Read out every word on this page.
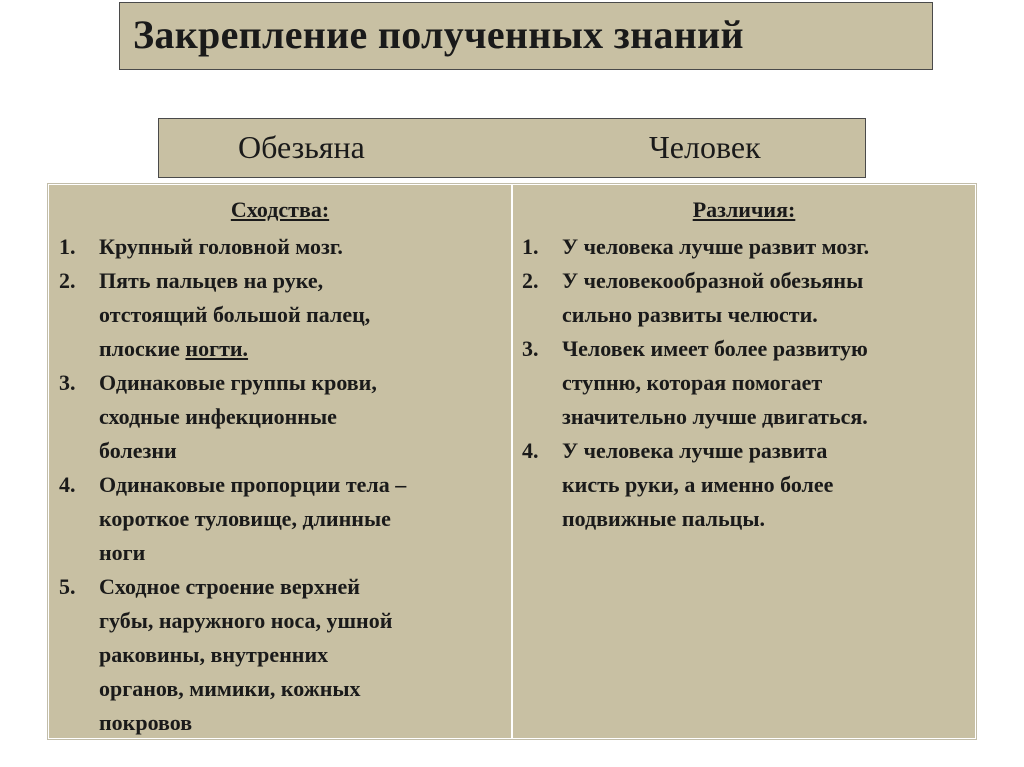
Закрепление полученных знаний
Обезьяна	Человек
Сходства:
1.	Крупный головной мозг.
2.	Пять пальцев на руке,
отстоящий большой палец,
плоские ногти.
3.	Одинаковые группы крови,
сходные инфекционные
болезни
4.	Одинаковые пропорции тела –
короткое туловище, длинные
ноги
5.	Сходное строение верхней
губы, наружного носа, ушной
раковины, внутренних
органов, мимики, кожных
покровов
Различия:
1.	У человека лучше развит мозг.
2.	У человекообразной обезьяны
сильно развиты челюсти.
3.	Человек имеет более развитую
ступню, которая помогает
значительно лучше двигаться.
4.	У человека лучше развита
кисть руки, а именно более
подвижные пальцы.
